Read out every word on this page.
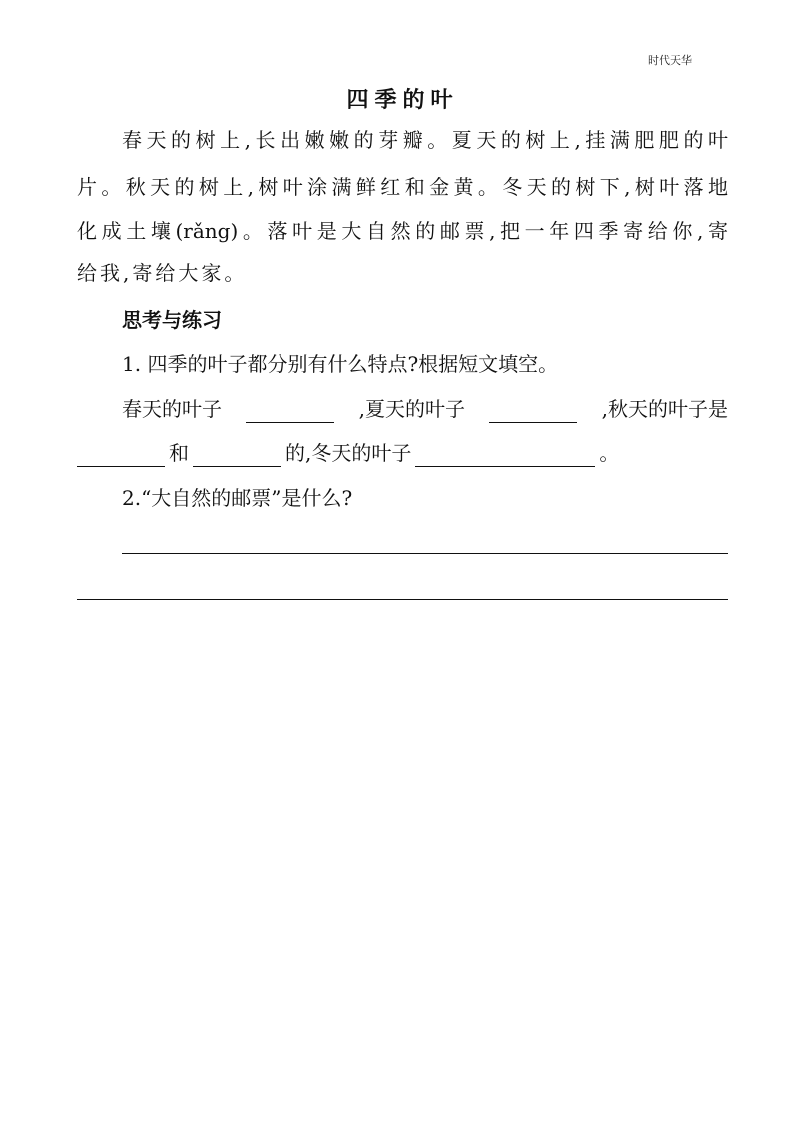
时代天华
四季的叶
春天的树上,长出嫩嫩的芽瓣。夏天的树上,挂满肥肥的叶
片。秋天的树上,树叶涂满鲜红和金黄。冬天的树下,树叶落地
化成土壤(rǎng)。落叶是大自然的邮票,把一年四季寄给你,寄
给我,寄给大家。
思考与练习
1. 四季的叶子都分别有什么特点?根据短文填空。
春天的叶子	,夏天的叶子	,秋天的叶子是
和	的,冬天的叶子	。
2.“大自然的邮票”是什么?
